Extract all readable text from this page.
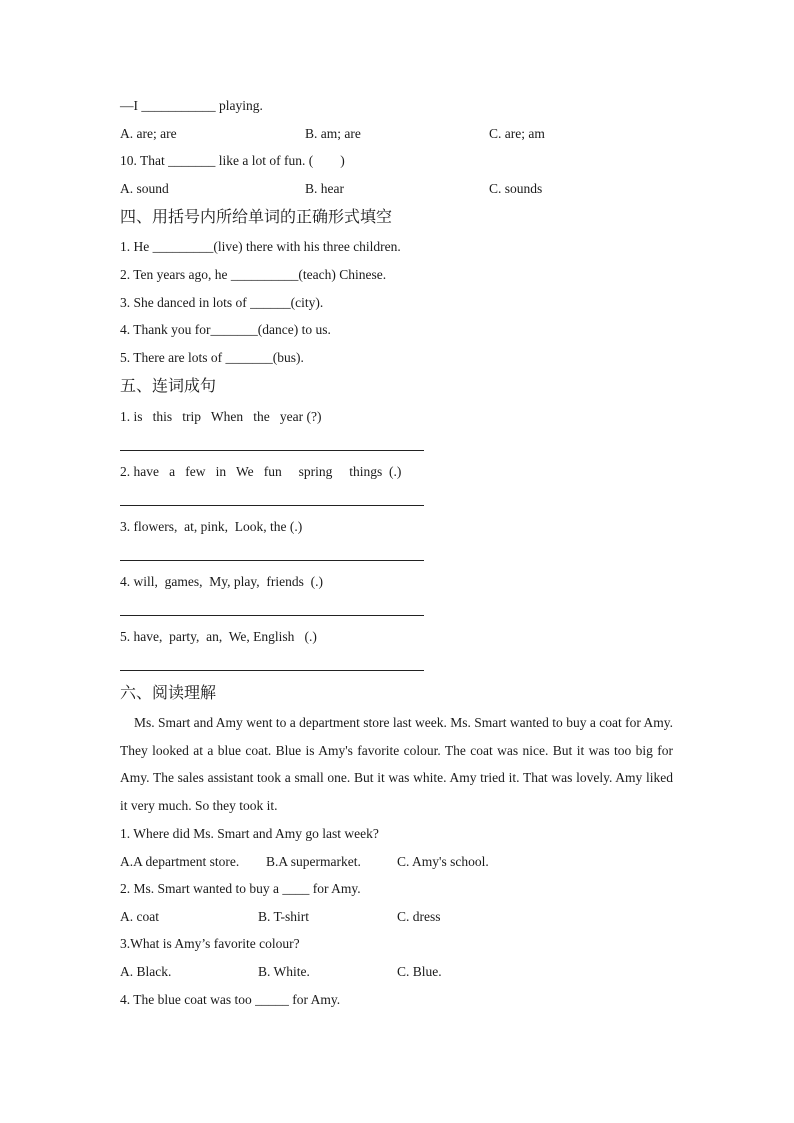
—I ___________ playing.
A. are; are	B. am; are	C. are; am
10. That _______ like a lot of fun. (　　)
A. sound	B. hear	C. sounds
四、用括号内所给单词的正确形式填空
1. He _________(live) there with his three children.
2. Ten years ago, he __________(teach) Chinese.
3. She danced in lots of ______(city).
4. Thank you for_______(dance) to us.
5. There are lots of _______(bus).
五、连词成句
1. is   this   trip   When   the   year (?)
2. have   a   few   in   We   fun     spring     things  (.)
3. flowers,  at, pink,  Look, the (.)
4. will,  games,  My, play,  friends  (.)
5. have,  party,  an,  We, English   (.)
六、阅读理解
Ms. Smart and Amy went to a department store last week. Ms. Smart wanted to buy a coat for Amy. They looked at a blue coat. Blue is Amy's favorite colour. The coat was nice. But it was too big for Amy. The sales assistant took a small one. But it was white. Amy tried it. That was lovely. Amy liked it very much. So they took it.
1. Where did Ms. Smart and Amy go last week?
A.A department store. B.A supermarket.	C. Amy's school.
2. Ms. Smart wanted to buy a ____ for Amy.
A. coat	B. T-shirt	C. dress
3.What is Amy’s favorite colour?
A. Black.	B. White.	C. Blue.
4. The blue coat was too _____ for Amy.
